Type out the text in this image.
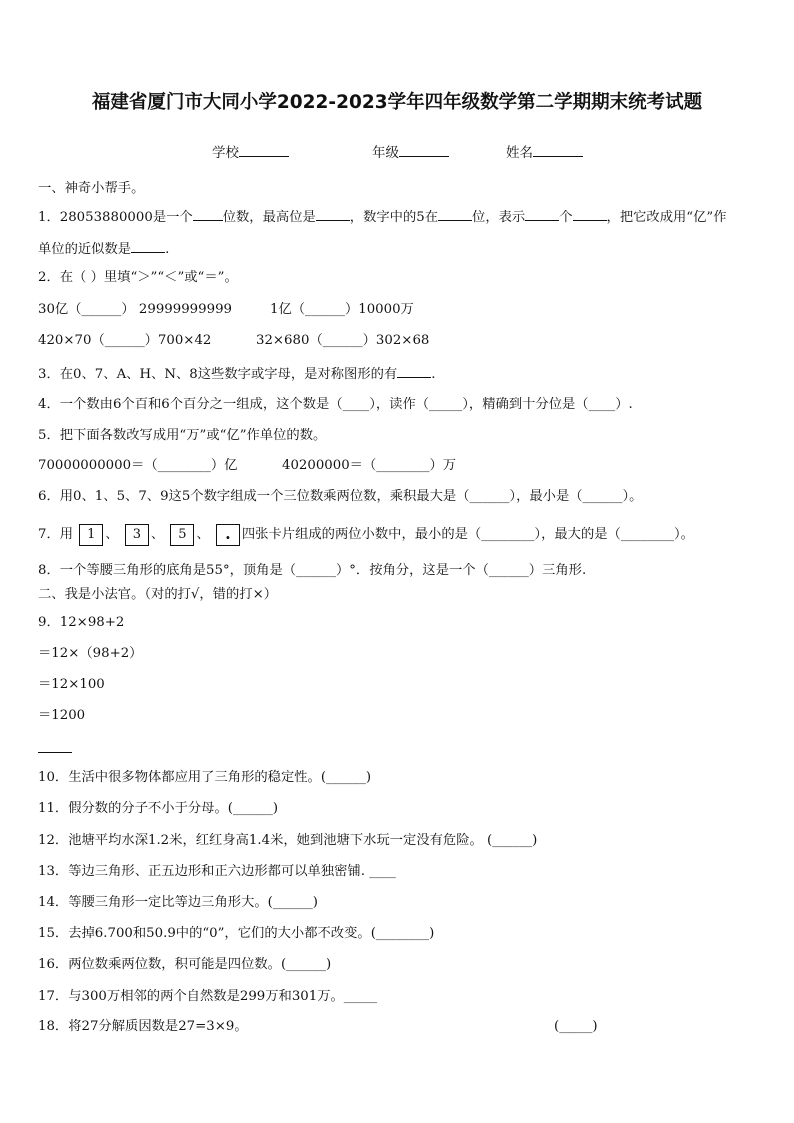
福建省厦门市大同小学2022-2023学年四年级数学第二学期期末统考试题
学校	年级	姓名
一、神奇小帮手。
1．28053880000是一个 位数，最高位是	，数字中的5在	位，表示	个	，把它改成用“亿”作
单位的近似数是	.
2．在（ ）里填“＞”“＜”或“＝”。
30亿（______） 29999999999	1亿（______）10000万
420×70（______）700×42	32×680（______）302×68
3．在0、7、A、H、N、8这些数字或字母，是对称图形的有	.
4．一个数由6个百和6个百分之一组成，这个数是（____），读作（_____），精确到十分位是（____）.
5．把下面各数改写成用“万”或“亿”作单位的数。
70000000000＝（________）亿	40200000＝（________）万
6．用0、1、5、7、9这5个数字组成一个三位数乘两位数，乘积最大是（______），最小是（______）。
7．用 1 、 3 、 5 、 . 四张卡片组成的两位小数中，最小的是（________），最大的是（________）。
8．一个等腰三角形的底角是55°，顶角是（______）°．按角分，这是一个（______）三角形.
二、我是小法官。（对的打√，错的打×）
9．12×98+2
＝12×（98+2）
＝12×100
＝1200
10．生活中很多物体都应用了三角形的稳定性。(______)
11．假分数的分子不小于分母。(______)
12．池塘平均水深1.2米，红红身高1.4米，她到池塘下水玩一定没有危险。 (______)
13．等边三角形、正五边形和正六边形都可以单独密铺. ____
14．等腰三角形一定比等边三角形大。(______)
15．去掉6.700和50.9中的“0”，它们的大小都不改变。(________)
16．两位数乘两位数，积可能是四位数。(______)
17．与300万相邻的两个自然数是299万和301万。_____
18．将27分解质因数是27=3×9。	(_____)
